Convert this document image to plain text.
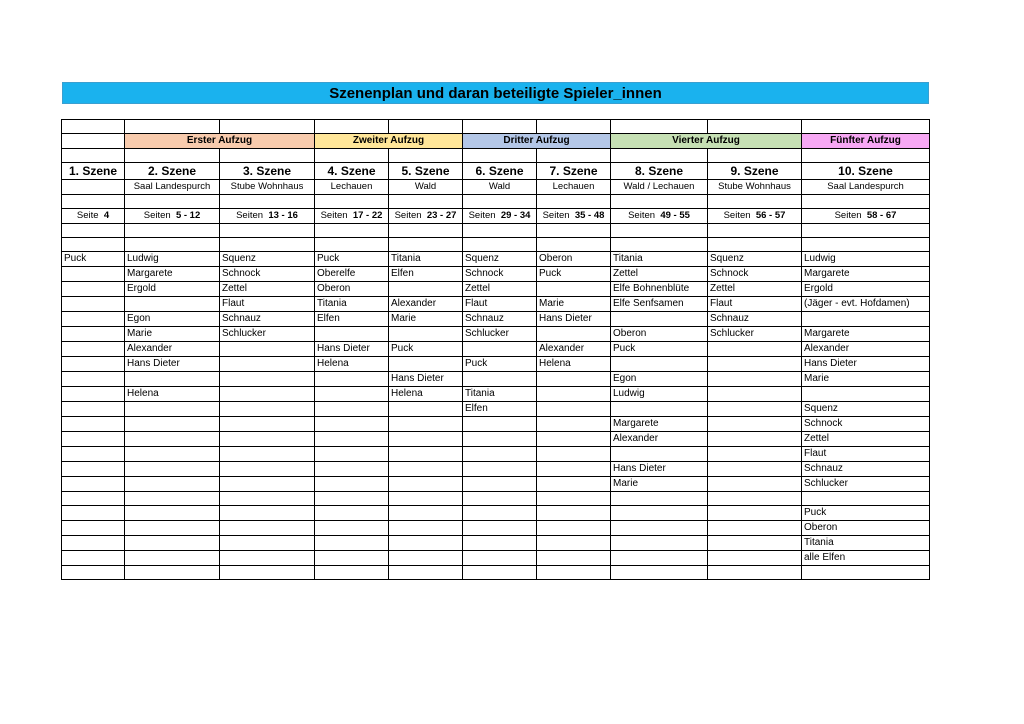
Szenenplan und daran beteiligte Spieler_innen

	Erster Aufzug		Zweiter Aufzug		Dritter Aufzug		Vierter Aufzug		Fünfter Aufzug

1. Szene	2. Szene	3. Szene	4. Szene	5. Szene	6. Szene	7. Szene	8. Szene	9. Szene	10. Szene
	Saal Landespurch	Stube Wohnhaus	Lechauen	Wald	Wald	Lechauen	Wald / Lechauen	Stube Wohnhaus	Saal Landespurch

Seite  4	Seiten  5 - 12	Seiten  13 - 16	Seiten  17 - 22	Seiten  23 - 27	Seiten  29 - 34	Seiten  35 - 48	Seiten  49 - 55	Seiten  56 - 57	Seiten  58 - 67

Puck	Ludwig	Squenz	Puck	Titania	Squenz	Oberon	Titania	Squenz	Ludwig
	Margarete	Schnock	Oberelfe	Elfen	Schnock	Puck	Zettel	Schnock	Margarete
	Ergold	Zettel	Oberon		Zettel		Elfe Bohnenblüte	Zettel	Ergold
		Flaut	Titania	Alexander	Flaut	Marie	Elfe Senfsamen	Flaut	(Jäger - evt. Hofdamen)
	Egon	Schnauz	Elfen	Marie	Schnauz	Hans Dieter		Schnauz	
	Marie	Schlucker			Schlucker		Oberon	Schlucker	Margarete
	Alexander		Hans Dieter	Puck		Alexander	Puck		Alexander
	Hans Dieter		Helena		Puck	Helena			Hans Dieter
				Hans Dieter			Egon		Marie
	Helena			Helena	Titania		Ludwig		
					Elfen				Squenz
							Margarete		Schnock
							Alexander		Zettel
									Flaut
							Hans Dieter		Schnauz
							Marie		Schlucker

									Puck
									Oberon
									Titania
									alle Elfen
